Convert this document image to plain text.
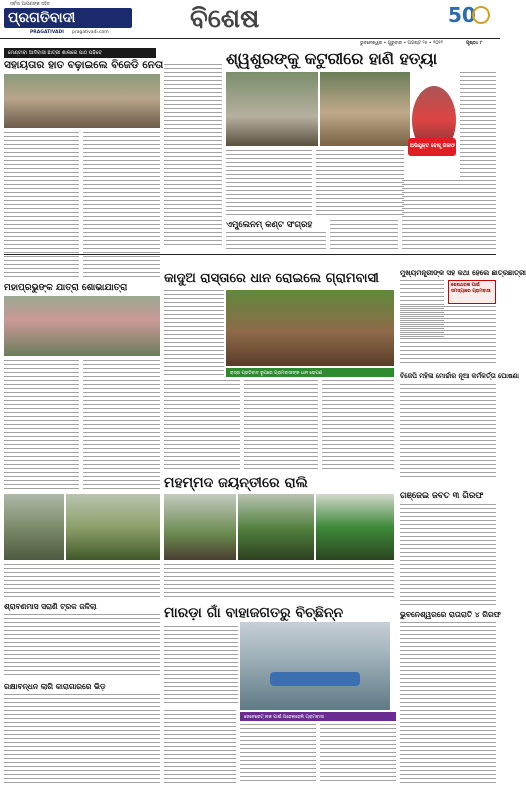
ସର୍ବଦା ଆପଣଙ୍କ ସହିତ
ପ୍ରଗତିବାଦୀ
PRAGATIVADI pragativadi.com	ବିଶେଷ	50
ଭୁବନେଶ୍ୱର • ଗୁରୁବାର • ଅଗଷ୍ଟ ୨୫ • ୨୦୨୨	ପୃଷ୍ଠା: ୮
ମେଣ୍ଟାବା ଆଦିବାସୀ ଛାତ୍ରୀ ଶାଳାରେ ପାଠ ପଢିବେ
ସହାୟତାର ହାତ ବଢ଼ାଇଲେ ବିଜେଡି ନେତା	ଶ୍ୱଶୁରଙ୍କୁ କଟୁରୀରେ ହାଣି ହତ୍ୟା
ଅଭିଯୁକ୍ତ ବୋହୂ ଗିରଫ
ଏମ୍ପ୍ଲେନମ୍‌ କଣ୍ଟ ସଂଗ୍ରହ
ମହାପ୍ରଭୁଙ୍କ ଯାତ୍ରା ଶୋଭାଯାତ୍ରା
କାଦୁଅ ରାସ୍ତାରେ ଧାନ ରୋଇଲେ ଗ୍ରାମବାସୀ
ରାସ୍ତା ପ୍ରତିବାଦ ରୂପରେ ଗ୍ରାମବାସୀଙ୍କ ଧାନ ରୋପଣ
ମୁଖ୍ୟମନ୍ତ୍ରୀଙ୍କ ସହ କଥା ହେଲେ ଛାତ୍ରଛାତ୍ରୀ
ଶେଷଥରକ ପାଇଁ ସମସ୍ୟାରେ ଗ୍ରାମବାସୀ
ବିଜେପି ମହିଳା ମୋର୍ଚ୍ଚାର ନୂଆ କର୍ମକର୍ତ୍ତା ଘୋଷଣା
ମହମ୍ମଦ ଜୟନ୍ତୀରେ ରାଲି
ଗଞ୍ଜେଇ ଜବତ ୩ ଗିରଫ
ଶ୍ରାବଣମାସ ସରାଣି ଟ୍ରକ ଜଳିଲା	ମାରଡ଼ା ଗାଁ ବାହାଜଗତରୁ ବିଚ୍ଛିନ୍ନ	ଭୁବନେଶ୍ୱରରେ ରାତାରାତି ୪ ଗିରଫ
ରକ୍ଷାବନ୍ଧନ ଲାଗି କାରାଗାରରେ ଭିଡ଼
ଜେନେରେଟ୍ ନାକ ପାଇଁ ଅହେଲାହେଲି ଗ୍ରାମବାସୀ
